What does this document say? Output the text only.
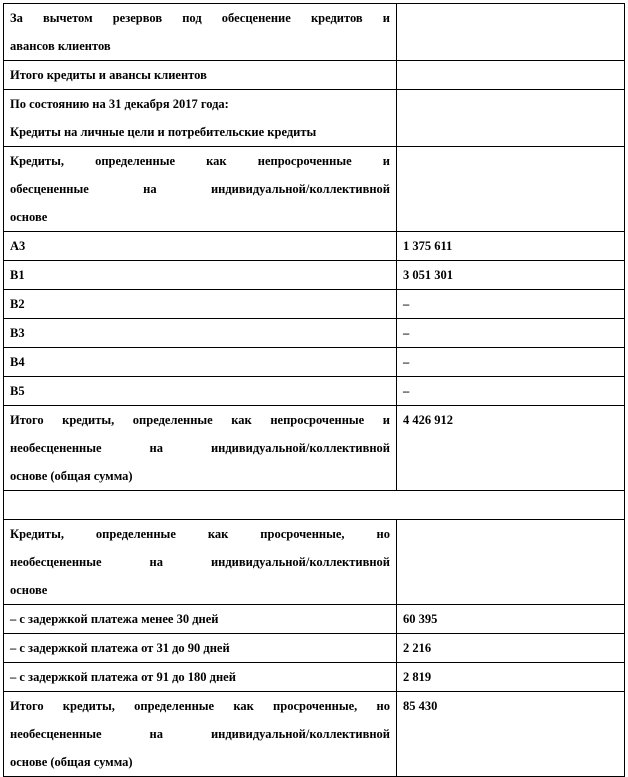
За вычетом резервов под обесценение кредитов и
авансов клиентов	

Итого кредиты и авансы клиентов	

По состоянию на 31 декабря 2017 года:
Кредиты на личные цели и потребительские кредиты	

Кредиты, определенные как непросроченные и
обесцененные на индивидуальной/коллективной
основе	

A3	1 375 611

B1	3 051 301

B2	–

B3	–

B4	–

B5	–

Итого кредиты, определенные как непросроченные и
необесцененные на индивидуальной/коллективной
основе (общая сумма)	4 426 912

Кредиты, определенные как просроченные, но
необесцененные на индивидуальной/коллективной
основе	

– с задержкой платежа менее 30 дней	60 395

– с задержкой платежа от 31 до 90 дней	2 216

– с задержкой платежа от 91 до 180 дней	2 819

Итого кредиты, определенные как просроченные, но
необесцененные на индивидуальной/коллективной
основе (общая сумма)	85 430
